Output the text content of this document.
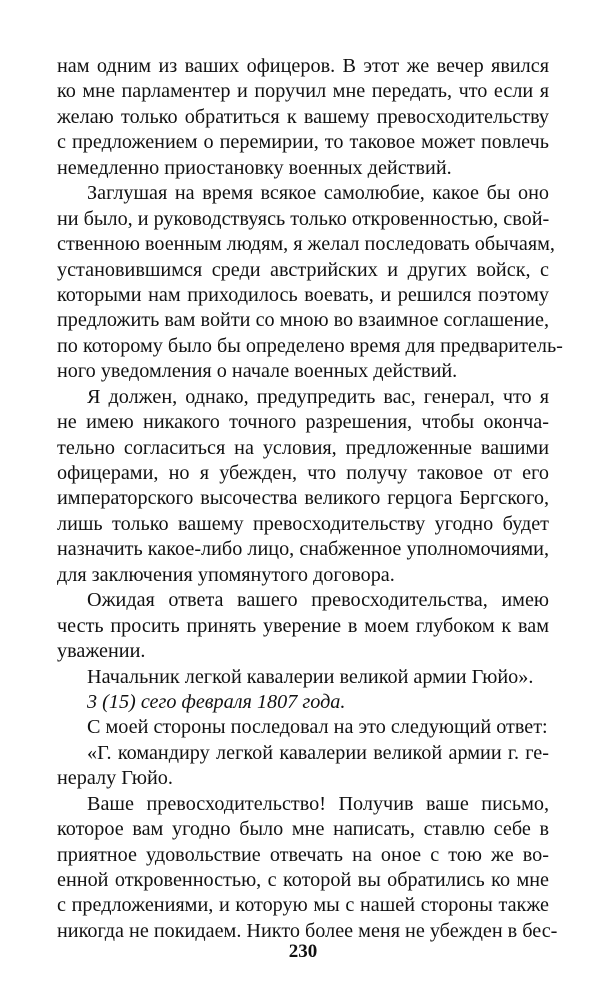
нам одним из ваших офицеров. В этот же вечер явился
ко мне парламентер и поручил мне передать, что если я
желаю только обратиться к вашему превосходительству
с предложением о перемирии, то таковое может повлечь
немедленно приостановку военных действий.
Заглушая на время всякое самолюбие, какое бы оно
ни было, и руководствуясь только откровенностью, свой-
ственною военным людям, я желал последовать обычаям,
установившимся среди австрийских и других войск, с
которыми нам приходилось воевать, и решился поэтому
предложить вам войти со мною во взаимное соглашение,
по которому было бы определено время для предваритель-
ного уведомления о начале военных действий.
Я должен, однако, предупредить вас, генерал, что я
не имею никакого точного разрешения, чтобы оконча-
тельно согласиться на условия, предложенные вашими
офицерами, но я убежден, что получу таковое от его
императорского высочества великого герцога Бергского,
лишь только вашему превосходительству угодно будет
назначить какое-либо лицо, снабженное уполномочиями,
для заключения упомянутого договора.
Ожидая ответа вашего превосходительства, имею
честь просить принять уверение в моем глубоком к вам
уважении.
Начальник легкой кавалерии великой армии Гюйо».
3 (15) сего февраля 1807 года.
С моей стороны последовал на это следующий ответ:
«Г. командиру легкой кавалерии великой армии г. ге-
нералу Гюйо.
Ваше превосходительство! Получив ваше письмо,
которое вам угодно было мне написать, ставлю себе в
приятное удовольствие отвечать на оное с тою же во-
енной откровенностью, с которой вы обратились ко мне
с предложениями, и которую мы с нашей стороны также
никогда не покидаем. Никто более меня не убежден в бес-
230
